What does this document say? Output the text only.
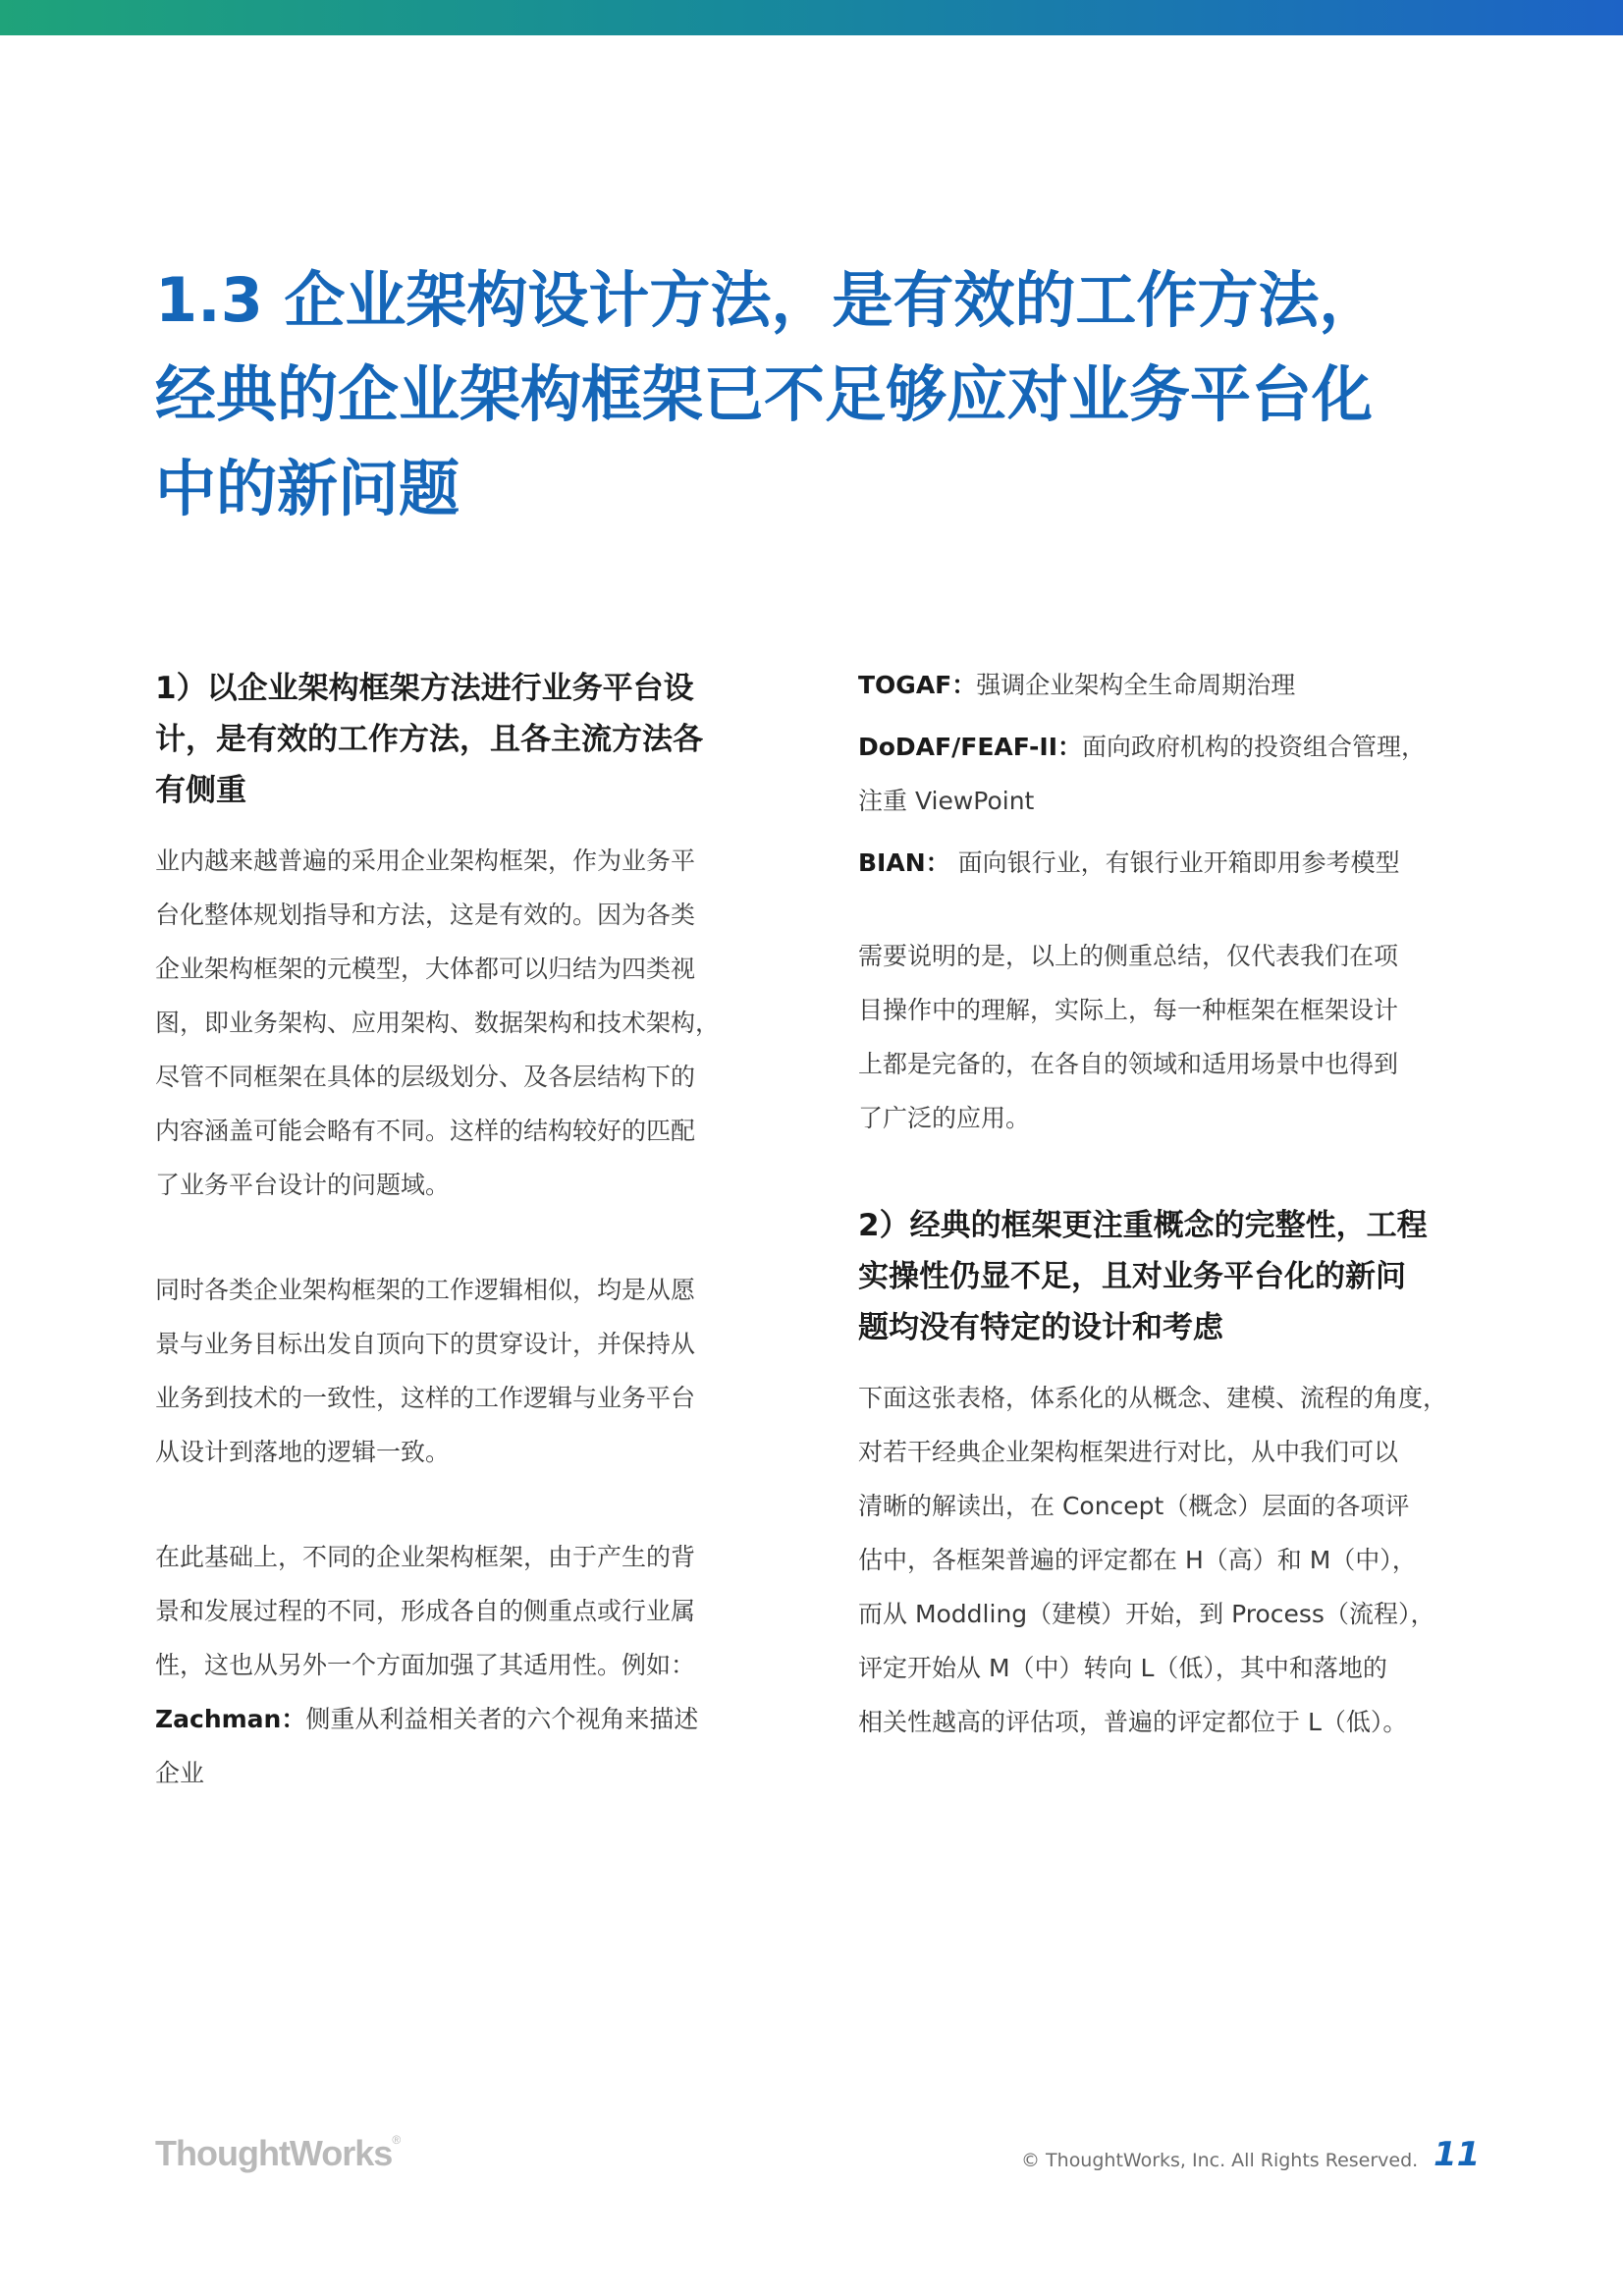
1.3 企业架构设计方法，是有效的工作方法，
经典的企业架构框架已不足够应对业务平台化
中的新问题
1）以企业架构框架方法进行业务平台设
计，是有效的工作方法，且各主流方法各
有侧重

业内越来越普遍的采用企业架构框架，作为业务平
台化整体规划指导和方法，这是有效的。因为各类
企业架构框架的元模型，大体都可以归结为四类视
图，即业务架构、应用架构、数据架构和技术架构，
尽管不同框架在具体的层级划分、及各层结构下的
内容涵盖可能会略有不同。这样的结构较好的匹配
了业务平台设计的问题域。

同时各类企业架构框架的工作逻辑相似，均是从愿
景与业务目标出发自顶向下的贯穿设计，并保持从
业务到技术的一致性，这样的工作逻辑与业务平台
从设计到落地的逻辑一致。

在此基础上，不同的企业架构框架，由于产生的背
景和发展过程的不同，形成各自的侧重点或行业属
性，这也从另外一个方面加强了其适用性。例如：

Zachman：侧重从利益相关者的六个视角来描述
企业

TOGAF：强调企业架构全生命周期治理

DoDAF/FEAF-II：面向政府机构的投资组合管理，
注重 ViewPoint

BIAN： 面向银行业，有银行业开箱即用参考模型

需要说明的是，以上的侧重总结，仅代表我们在项
目操作中的理解，实际上，每一种框架在框架设计
上都是完备的，在各自的领域和适用场景中也得到
了广泛的应用。

2）经典的框架更注重概念的完整性，工程
实操性仍显不足，且对业务平台化的新问
题均没有特定的设计和考虑

下面这张表格，体系化的从概念、建模、流程的角度，
对若干经典企业架构框架进行对比，从中我们可以
清晰的解读出，在 Concept（概念）层面的各项评
估中，各框架普遍的评定都在 H（高）和 M（中），
而从 Moddling（建模）开始，到 Process（流程），
评定开始从 M（中）转向 L（低），其中和落地的
相关性越高的评估项，普遍的评定都位于 L（低）。

ThoughtWorks®
© ThoughtWorks, Inc. All Rights Reserved. 11
